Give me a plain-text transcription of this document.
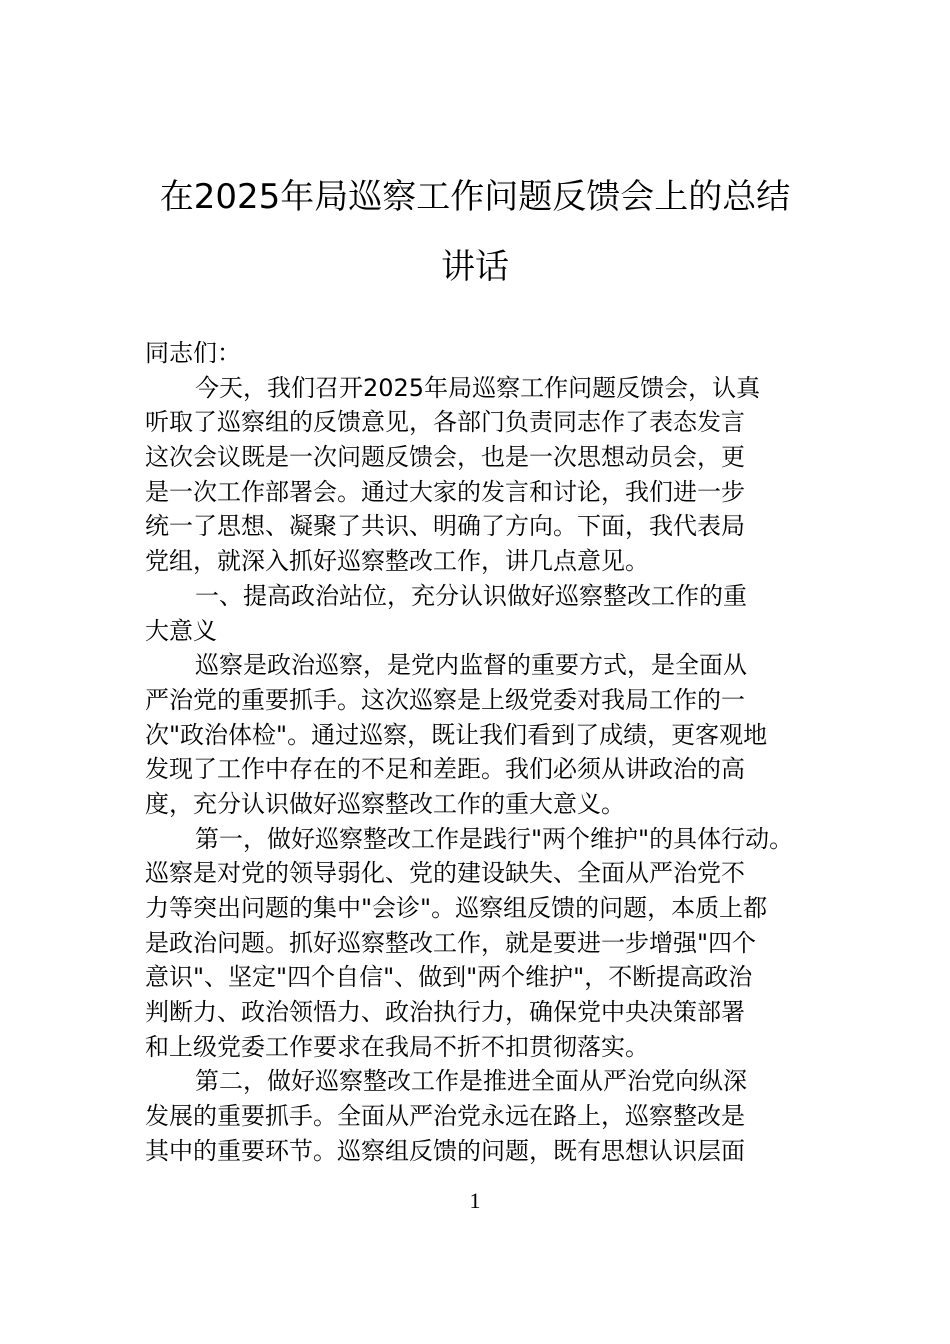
在2025年局巡察工作问题反馈会上的总结
讲话
同志们：
今天，我们召开2025年局巡察工作问题反馈会，认真
听取了巡察组的反馈意见，各部门负责同志作了表态发言
这次会议既是一次问题反馈会，也是一次思想动员会，更
是一次工作部署会。通过大家的发言和讨论，我们进一步
统一了思想、凝聚了共识、明确了方向。下面，我代表局
党组，就深入抓好巡察整改工作，讲几点意见。
一、提高政治站位，充分认识做好巡察整改工作的重
大意义
巡察是政治巡察，是党内监督的重要方式，是全面从
严治党的重要抓手。这次巡察是上级党委对我局工作的一
次"政治体检"。通过巡察，既让我们看到了成绩，更客观地
发现了工作中存在的不足和差距。我们必须从讲政治的高
度，充分认识做好巡察整改工作的重大意义。
第一，做好巡察整改工作是践行"两个维护"的具体行动。
巡察是对党的领导弱化、党的建设缺失、全面从严治党不
力等突出问题的集中"会诊"。巡察组反馈的问题，本质上都
是政治问题。抓好巡察整改工作，就是要进一步增强"四个
意识"、坚定"四个自信"、做到"两个维护"，不断提高政治
判断力、政治领悟力、政治执行力，确保党中央决策部署
和上级党委工作要求在我局不折不扣贯彻落实。
第二，做好巡察整改工作是推进全面从严治党向纵深
发展的重要抓手。全面从严治党永远在路上，巡察整改是
其中的重要环节。巡察组反馈的问题，既有思想认识层面
1
